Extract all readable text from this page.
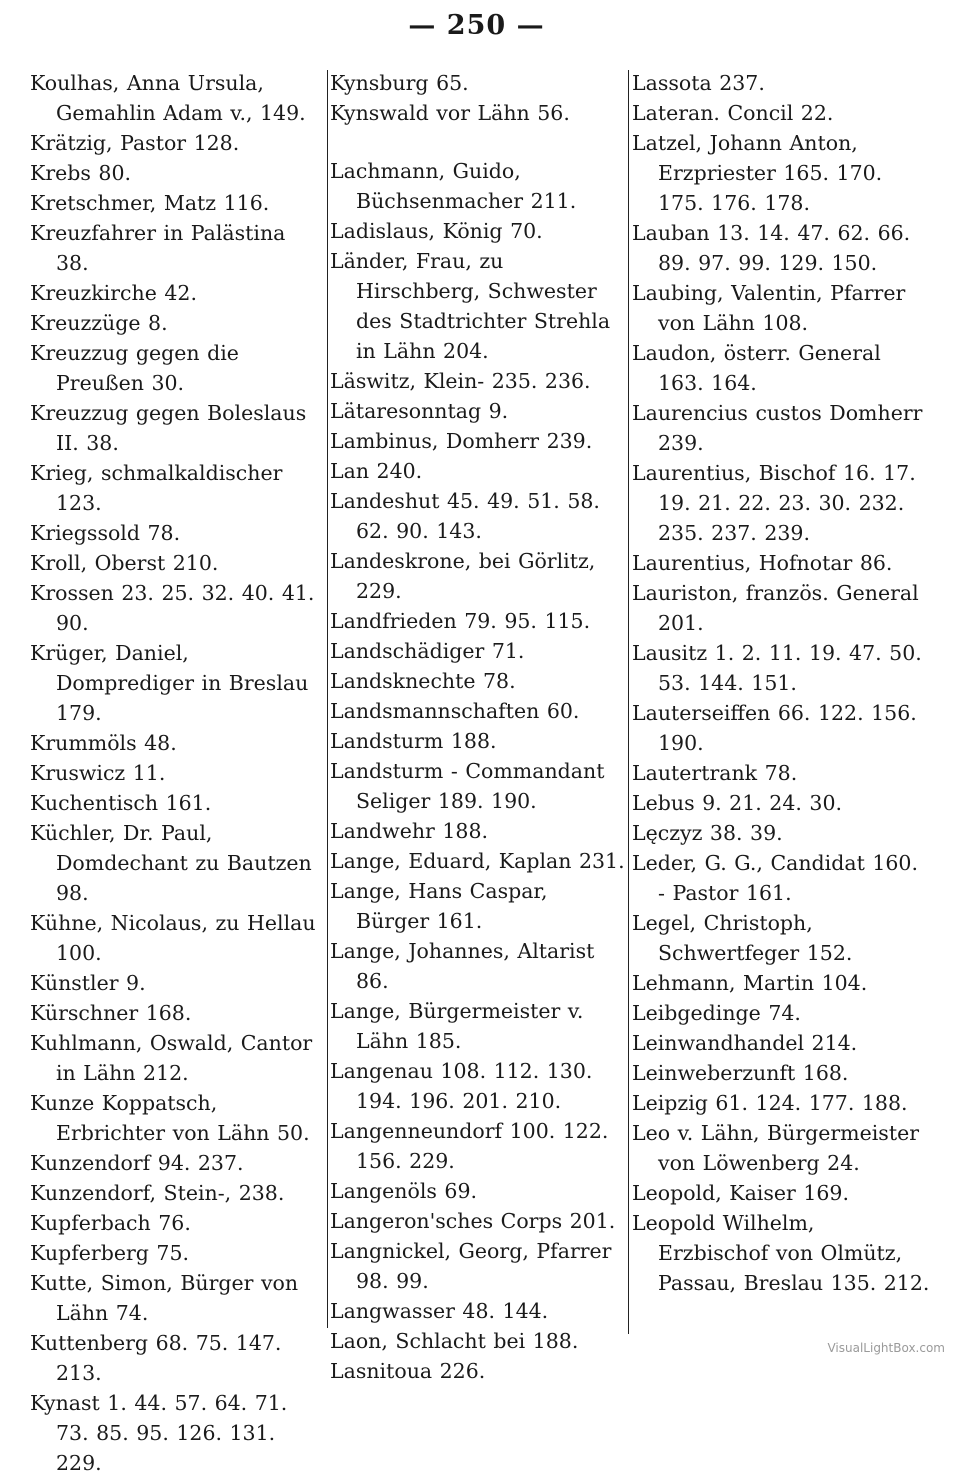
— 250 —
Koulhas, Anna Ursula, Gemahlin Adam v., 149.
Krätzig, Pastor 128.
Krebs 80.
Kretschmer, Matz 116.
Kreuzfahrer in Palästina 38.
Kreuzkirche 42.
Kreuzzüge 8.
Kreuzzug gegen die Preußen 30.
Kreuzzug gegen Boleslaus II. 38.
Krieg, schmalkaldischer 123.
Kriegssold 78.
Kroll, Oberst 210.
Krossen 23. 25. 32. 40. 41. 90.
Krüger, Daniel, Domprediger in Breslau 179.
Krummöls 48.
Kruswicz 11.
Kuchentisch 161.
Küchler, Dr. Paul, Domdechant zu Bautzen 98.
Kühne, Nicolaus, zu Hellau 100.
Künstler 9.
Kürschner 168.
Kuhlmann, Oswald, Cantor in Lähn 212.
Kunze Koppatsch, Erbrichter von Lähn 50.
Kunzendorf 94. 237.
Kunzendorf, Stein-, 238.
Kupferbach 76.
Kupferberg 75.
Kutte, Simon, Bürger von Lähn 74.
Kuttenberg 68. 75. 147. 213.
Kynast 1. 44. 57. 64. 71. 73. 85. 95. 126. 131. 229.
Kynsburg 65.
Kynswald vor Lähn 56.
Lachmann, Guido, Büchsenmacher 211.
Ladislaus, König 70.
Länder, Frau, zu Hirschberg, Schwester des Stadtrichter Strehla in Lähn 204.
Läswitz, Klein- 235. 236.
Lätaresonntag 9.
Lambinus, Domherr 239.
Lan 240.
Landeshut 45. 49. 51. 58. 62. 90. 143.
Landeskrone, bei Görlitz, 229.
Landfrieden 79. 95. 115.
Landschädiger 71.
Landsknechte 78.
Landsmannschaften 60.
Landsturm 188.
Landsturm - Commandant Seliger 189. 190.
Landwehr 188.
Lange, Eduard, Kaplan 231.
Lange, Hans Caspar, Bürger 161.
Lange, Johannes, Altarist 86.
Lange, Bürgermeister v. Lähn 185.
Langenau 108. 112. 130. 194. 196. 201. 210.
Langenneundorf 100. 122. 156. 229.
Langenöls 69.
Langeron'sches Corps 201.
Langnickel, Georg, Pfarrer 98. 99.
Langwasser 48. 144.
Laon, Schlacht bei 188.
Lasnitoua 226.
Lassota 237.
Lateran. Concil 22.
Latzel, Johann Anton, Erzpriester 165. 170. 175. 176. 178.
Lauban 13. 14. 47. 62. 66. 89. 97. 99. 129. 150.
Laubing, Valentin, Pfarrer von Lähn 108.
Laudon, österr. General 163. 164.
Laurencius custos Domherr 239.
Laurentius, Bischof 16. 17. 19. 21. 22. 23. 30. 232. 235. 237. 239.
Laurentius, Hofnotar 86.
Lauriston, französ. General 201.
Lausitz 1. 2. 11. 19. 47. 50. 53. 144. 151.
Lauterseiffen 66. 122. 156. 190.
Lautertrank 78.
Lebus 9. 21. 24. 30.
Lęczyz 38. 39.
Leder, G. G., Candidat 160. - Pastor 161.
Legel, Christoph, Schwertfeger 152.
Lehmann, Martin 104.
Leibgedinge 74.
Leinwandhandel 214.
Leinweberzunft 168.
Leipzig 61. 124. 177. 188.
Leo v. Lähn, Bürgermeister von Löwenberg 24.
Leopold, Kaiser 169.
Leopold Wilhelm, Erzbischof von Olmütz, Passau, Breslau 135. 212.
VisualLightBox.com
